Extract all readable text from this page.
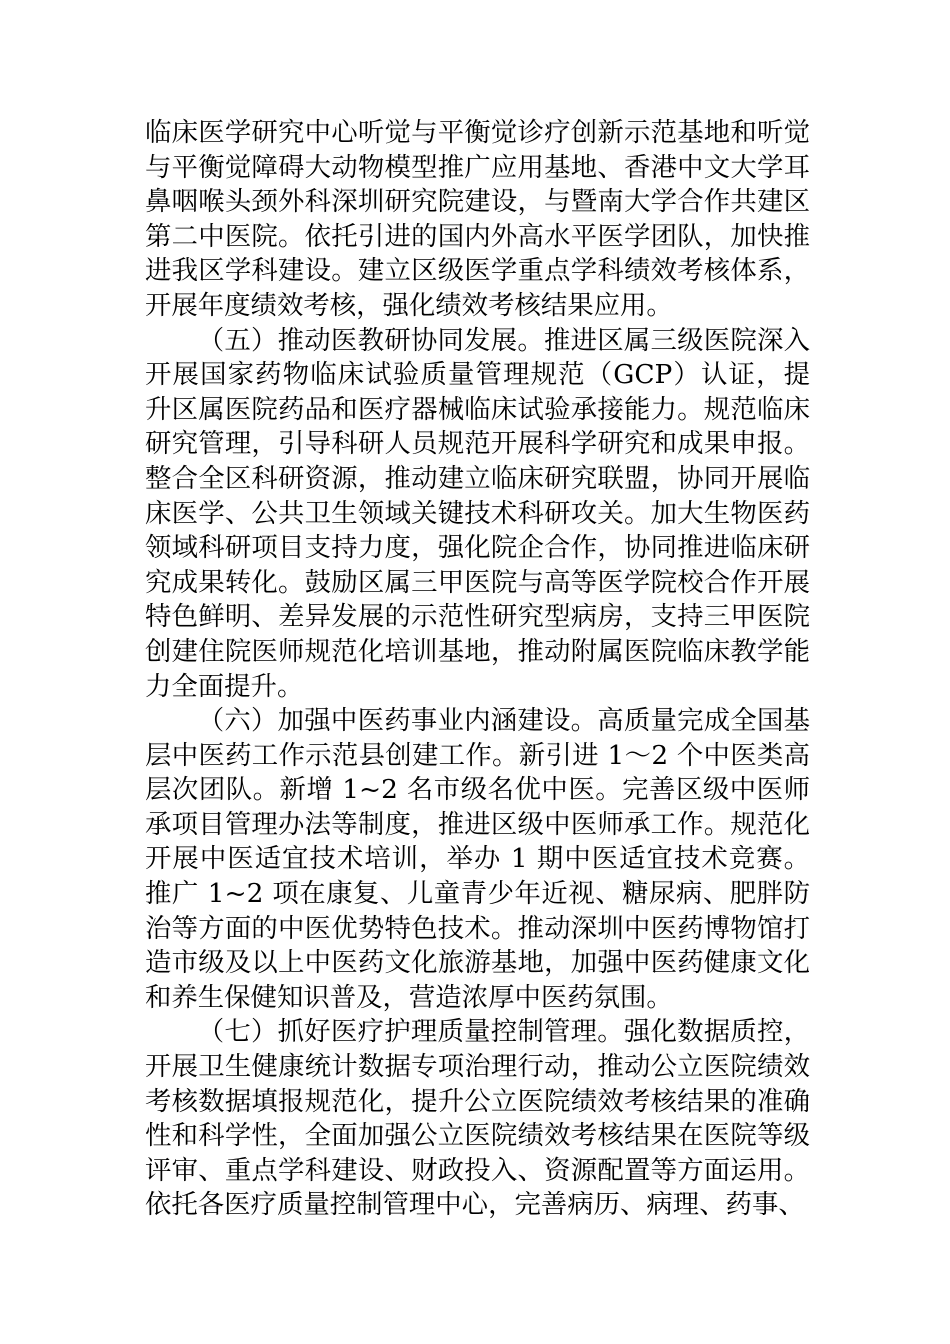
临床医学研究中心听觉与平衡觉诊疗创新示范基地和听觉与平衡觉障碍大动物模型推广应用基地、香港中文大学耳鼻咽喉头颈外科深圳研究院建设，与暨南大学合作共建区第二中医院。依托引进的国内外高水平医学团队，加快推进我区学科建设。建立区级医学重点学科绩效考核体系，开展年度绩效考核，强化绩效考核结果应用。

（五）推动医教研协同发展。推进区属三级医院深入开展国家药物临床试验质量管理规范（GCP）认证，提升区属医院药品和医疗器械临床试验承接能力。规范临床研究管理，引导科研人员规范开展科学研究和成果申报。整合全区科研资源，推动建立临床研究联盟，协同开展临床医学、公共卫生领域关键技术科研攻关。加大生物医药领域科研项目支持力度，强化院企合作，协同推进临床研究成果转化。鼓励区属三甲医院与高等医学院校合作开展特色鲜明、差异发展的示范性研究型病房，支持三甲医院创建住院医师规范化培训基地，推动附属医院临床教学能力全面提升。

（六）加强中医药事业内涵建设。高质量完成全国基层中医药工作示范县创建工作。新引进 1～2 个中医类高层次团队。新增 1~2 名市级名优中医。完善区级中医师承项目管理办法等制度，推进区级中医师承工作。规范化开展中医适宜技术培训，举办 1 期中医适宜技术竞赛。推广 1~2 项在康复、儿童青少年近视、糖尿病、肥胖防治等方面的中医优势特色技术。推动深圳中医药博物馆打造市级及以上中医药文化旅游基地，加强中医药健康文化和养生保健知识普及，营造浓厚中医药氛围。

（七）抓好医疗护理质量控制管理。强化数据质控，开展卫生健康统计数据专项治理行动，推动公立医院绩效考核数据填报规范化，提升公立医院绩效考核结果的准确性和科学性，全面加强公立医院绩效考核结果在医院等级评审、重点学科建设、财政投入、资源配置等方面运用。依托各医疗质量控制管理中心，完善病历、病理、药事、
